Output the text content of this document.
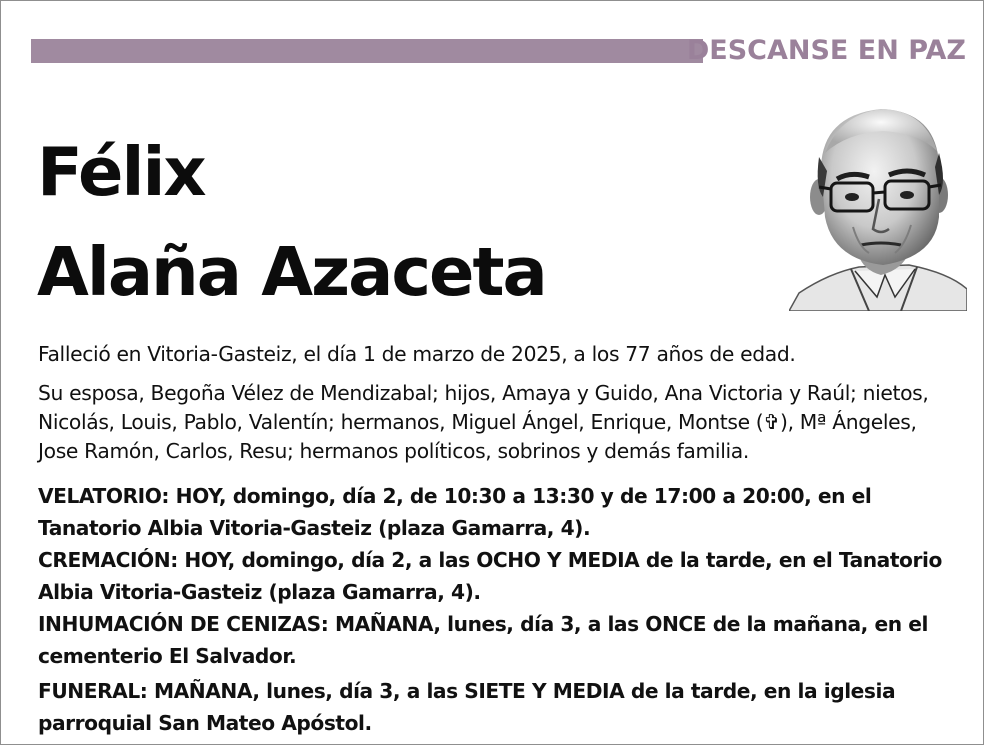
DESCANSE EN PAZ
Félix
Alaña Azaceta
Falleció en Vitoria-Gasteiz, el día 1 de marzo de 2025, a los 77 años de edad.
Su esposa, Begoña Vélez de Mendizabal; hijos, Amaya y Guido, Ana Victoria y Raúl; nietos, Nicolás, Louis, Pablo, Valentín; hermanos, Miguel Ángel, Enrique, Montse (✞), Mª Ángeles, Jose Ramón, Carlos, Resu; hermanos políticos, sobrinos y demás familia.
VELATORIO: HOY, domingo, día 2, de 10:30 a 13:30 y de 17:00 a 20:00, en el Tanatorio Albia Vitoria-Gasteiz (plaza Gamarra, 4).
CREMACIÓN: HOY, domingo, día 2, a las OCHO Y MEDIA de la tarde, en el Tanatorio Albia Vitoria-Gasteiz (plaza Gamarra, 4).
INHUMACIÓN DE CENIZAS: MAÑANA, lunes, día 3, a las ONCE de la mañana, en el cementerio El Salvador.
FUNERAL: MAÑANA, lunes, día 3, a las SIETE Y MEDIA de la tarde, en la iglesia parroquial San Mateo Apóstol.
